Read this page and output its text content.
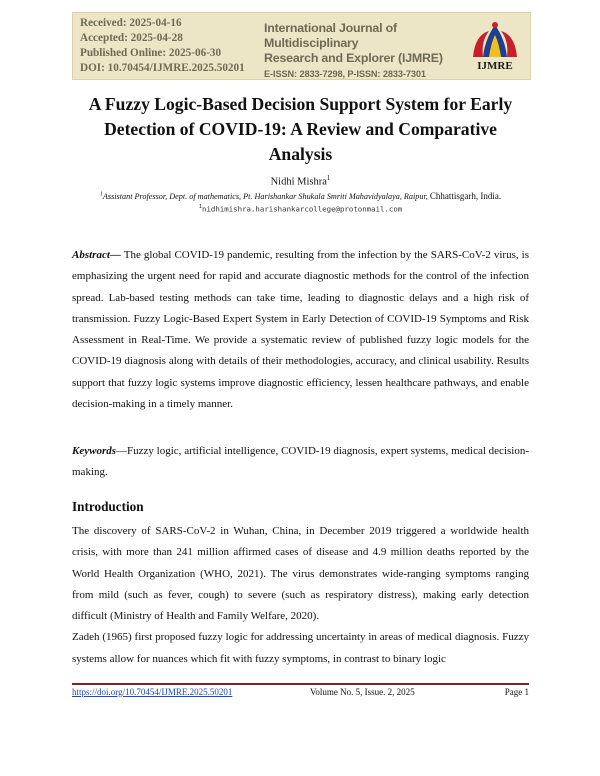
Received: 2025-04-16
Accepted: 2025-04-28
Published Online: 2025-06-30
DOI: 10.70454/IJMRE.2025.50201
International Journal of Multidisciplinary
Research and Explorer (IJMRE)
E-ISSN: 2833-7298, P-ISSN: 2833-7301
IJMRE
A Fuzzy Logic-Based Decision Support System for Early Detection of COVID-19: A Review and Comparative Analysis
Nidhi Mishra$^1$
$^1$Assistant Professor, Dept. of mathematics, Pt. Harishankar Shukala Smriti Mahavidyalaya, Raipur, Chhattisgarh, India.
$^1$nidhimishra.harishankarcollege@protonmail.com
Abstract— The global COVID-19 pandemic, resulting from the infection by the SARS-CoV-2 virus, is emphasizing the urgent need for rapid and accurate diagnostic methods for the control of the infection spread. Lab-based testing methods can take time, leading to diagnostic delays and a high risk of transmission. Fuzzy Logic-Based Expert System in Early Detection of COVID-19 Symptoms and Risk Assessment in Real-Time. We provide a systematic review of published fuzzy logic models for the COVID-19 diagnosis along with details of their methodologies, accuracy, and clinical usability. Results support that fuzzy logic systems improve diagnostic efficiency, lessen healthcare pathways, and enable decision-making in a timely manner.
Keywords—Fuzzy logic, artificial intelligence, COVID-19 diagnosis, expert systems, medical decision-making.
Introduction
The discovery of SARS-CoV-2 in Wuhan, China, in December 2019 triggered a worldwide health crisis, with more than 241 million affirmed cases of disease and 4.9 million deaths reported by the World Health Organization (WHO, 2021). The virus demonstrates wide-ranging symptoms ranging from mild (such as fever, cough) to severe (such as respiratory distress), making early detection difficult (Ministry of Health and Family Welfare, 2020).
Zadeh (1965) first proposed fuzzy logic for addressing uncertainty in areas of medical diagnosis. Fuzzy systems allow for nuances which fit with fuzzy symptoms, in contrast to binary logic
https://doi.org/10.70454/IJMRE.2025.50201	Volume No. 5, Issue. 2, 2025	Page 1
